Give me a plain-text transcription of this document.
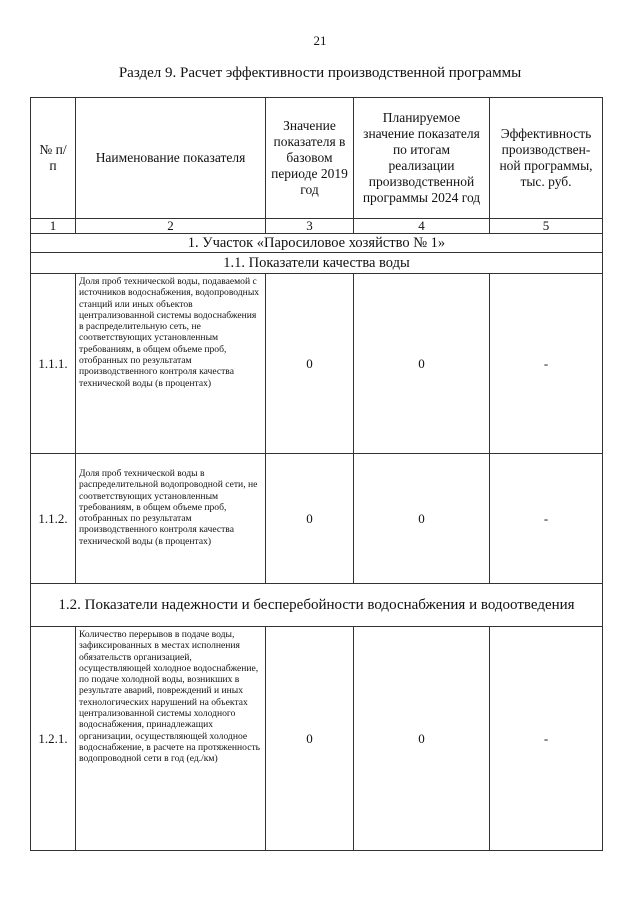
21
Раздел 9. Расчет эффективности производственной программы
№ п/п	Наименование показателя	Значение показателя в базовом периоде 2019 год	Планируемое значение показателя по итогам реализации производственной программы 2024 год	Эффективность производствен-ной программы, тыс. руб.
1	2	3	4	5
1. Участок «Паросиловое хозяйство № 1»				
1.1. Показатели качества воды				
1.1.1.	Доля проб технической воды, подаваемой с источников водоснабжения, водопроводных станций или иных объектов централизованной системы водоснабжения в распределительную сеть, не соответствующих установленным требованиям, в общем объеме проб, отобранных по результатам производственного контроля качества технической воды (в процентах)	0	0	-
1.1.2.	Доля проб технической воды в распределительной водопроводной сети, не соответствующих установленным требованиям, в общем объеме проб, отобранных по результатам производственного контроля качества технической воды (в процентах)	0	0	-
1.2. Показатели надежности и бесперебойности водоснабжения и водоотведения				
1.2.1.	Количество перерывов в подаче воды, зафиксированных в местах исполнения обязательств организацией, осуществляющей холодное водоснабжение, по подаче холодной воды, возникших в результате аварий, повреждений и иных технологических нарушений на объектах централизованной системы холодного водоснабжения, принадлежащих организации, осуществляющей холодное водоснабжение, в расчете на протяженность водопроводной сети в год (ед./км)	0	0	-
